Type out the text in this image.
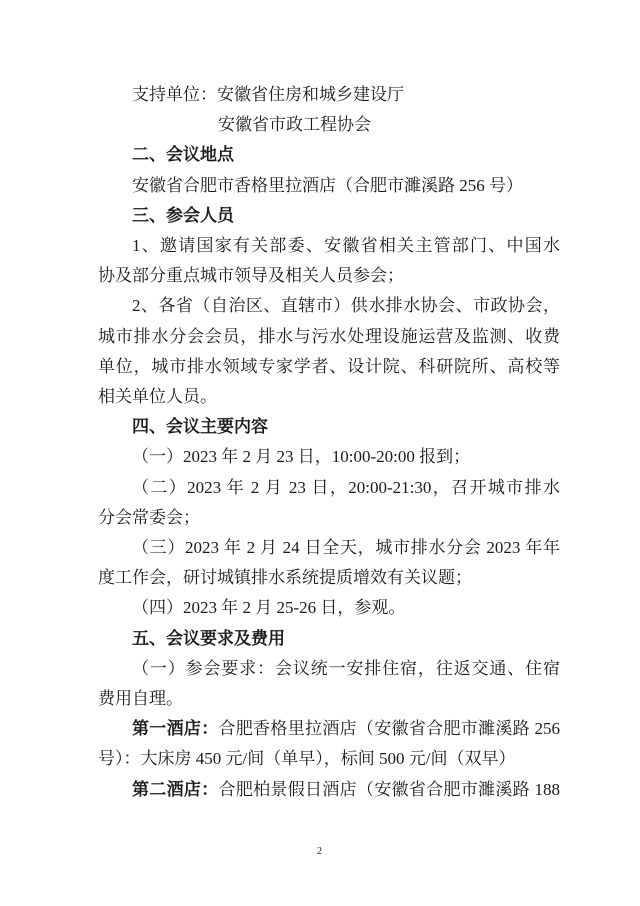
支持单位：安徽省住房和城乡建设厅
安徽省市政工程协会
二、会议地点
安徽省合肥市香格里拉酒店（合肥市濉溪路 256 号）
三、参会人员
1、邀请国家有关部委、安徽省相关主管部门、中国水
协及部分重点城市领导及相关人员参会；
2、各省（自治区、直辖市）供水排水协会、市政协会，
城市排水分会会员，排水与污水处理设施运营及监测、收费
单位，城市排水领域专家学者、设计院、科研院所、高校等
相关单位人员。
四、会议主要内容
（一）2023 年 2 月 23 日，10:00-20:00 报到；
（二）2023 年 2 月 23 日，20:00-21:30，召开城市排水
分会常委会；
（三）2023 年 2 月 24 日全天，城市排水分会 2023 年年
度工作会，研讨城镇排水系统提质增效有关议题；
（四）2023 年 2 月 25-26 日，参观。
五、会议要求及费用
（一）参会要求：会议统一安排住宿，往返交通、住宿
费用自理。
第一酒店：合肥香格里拉酒店（安徽省合肥市濉溪路 256
号）：大床房 450 元/间（单早），标间 500 元/间（双早）
第二酒店：合肥柏景假日酒店（安徽省合肥市濉溪路 188
2
